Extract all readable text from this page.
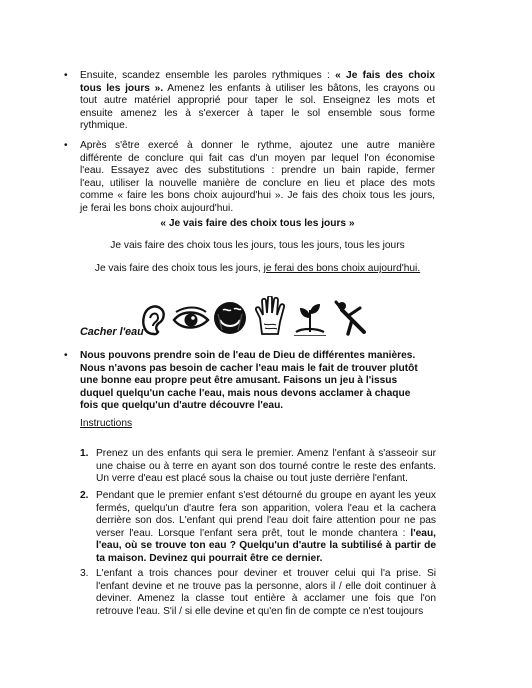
• Ensuite, scandez ensemble les paroles rythmiques : « Je fais des choix
tous les jours ». Amenez les enfants à utiliser les bâtons, les crayons ou
tout autre matériel approprié pour taper le sol. Enseignez les mots et
ensuite amenez les à s'exercer à taper le sol ensemble sous forme
rythmique.
• Après s'être exercé à donner le rythme, ajoutez une autre manière
différente de conclure qui fait cas d'un moyen par lequel l'on économise
l'eau. Essayez avec des substitutions : prendre un bain rapide, fermer
l'eau, utiliser la nouvelle manière de conclure en lieu et place des mots
comme « faire les bons choix aujourd'hui ». Je fais des choix tous les jours,
je ferai les bons choix aujourd'hui.
« Je vais faire des choix tous les jours »
Je vais faire des choix tous les jours, tous les jours, tous les jours
Je vais faire des choix tous les jours, je ferai des bons choix aujourd'hui.
Cacher l'eau
• Nous pouvons prendre soin de l'eau de Dieu de différentes manières.
Nous n'avons pas besoin de cacher l'eau mais le fait de trouver plutôt
une bonne eau propre peut être amusant. Faisons un jeu à l'issus
duquel quelqu'un cache l'eau, mais nous devons acclamer à chaque
fois que quelqu'un d'autre découvre l'eau.
Instructions
1. Prenez un des enfants qui sera le premier. Amenz l'enfant à s'asseoir sur
une chaise ou à terre en ayant son dos tourné contre le reste des enfants.
Un verre d'eau est placé sous la chaise ou tout juste derrière l'enfant.
2. Pendant que le premier enfant s'est détourné du groupe en ayant les yeux
fermés, quelqu'un d'autre fera son apparition, volera l'eau et la cachera
derrière son dos. L'enfant qui prend l'eau doit faire attention pour ne pas
verser l'eau. Lorsque l'enfant sera prêt, tout le monde chantera : l'eau,
l'eau, où se trouve ton eau ? Quelqu'un d'autre la subtilisé à partir de
ta maison. Devinez qui pourrait être ce dernier.
3. L'enfant a trois chances pour deviner et trouver celui qui l'a prise. Si
l'enfant devine et ne trouve pas la personne, alors il / elle doit continuer à
deviner. Amenez la classe tout entière à acclamer une fois que l'on
retrouve l'eau. S'il / si elle devine et qu'en fin de compte ce n'est toujours
